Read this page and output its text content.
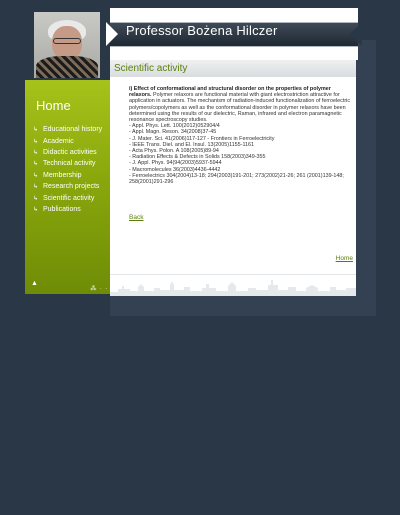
Professor Bożena Hilczer
Home
↳ Educational history
↳ Academic
↳ Didactic activities
↳ Technical activity
↳ Membership
↳ Research projects
↳ Scientific activity
↳ Publications
▲
⁂ ∙ ∙
Scientific activity

i) Effect of conformational and structural disorder on the properties of polymer relaxors. Polymer relaxors are functional material with giant electrostriction attractive for application in actuators. The mechanism of radiation-induced functionalization of ferroelectric polymers/copolymers as well as the conformational disorder in polymer relaxors have been determined using the results of our dielectric, Raman, infrared and electron paramagnetic resonance spectroscopy studies.

- Appl. Phys. Lett. 100(2012)052904/4

- Appl. Magn. Reson. 34(2008)37-45

- J. Mater. Sci. 41(2006)117-127 - Frontiers in Ferroelectricity

- IEEE Trans. Diel. and El. Insul. 13(2005)1155-1161

- Acta Phys. Polon. A 108(2005)89-94

- Radiation Effects & Defects in Solids 158(2003)349-355

- J. Appl. Phys. 94(94(2003)5937-5944

- Macromolecules 36(2003)4436-4442

- Ferroelectrics 304(2004)13-18; 294(2003)191-201; 273(2002)21-26; 261 (2001)139-148; 258(2001)291-296

Back
Home
